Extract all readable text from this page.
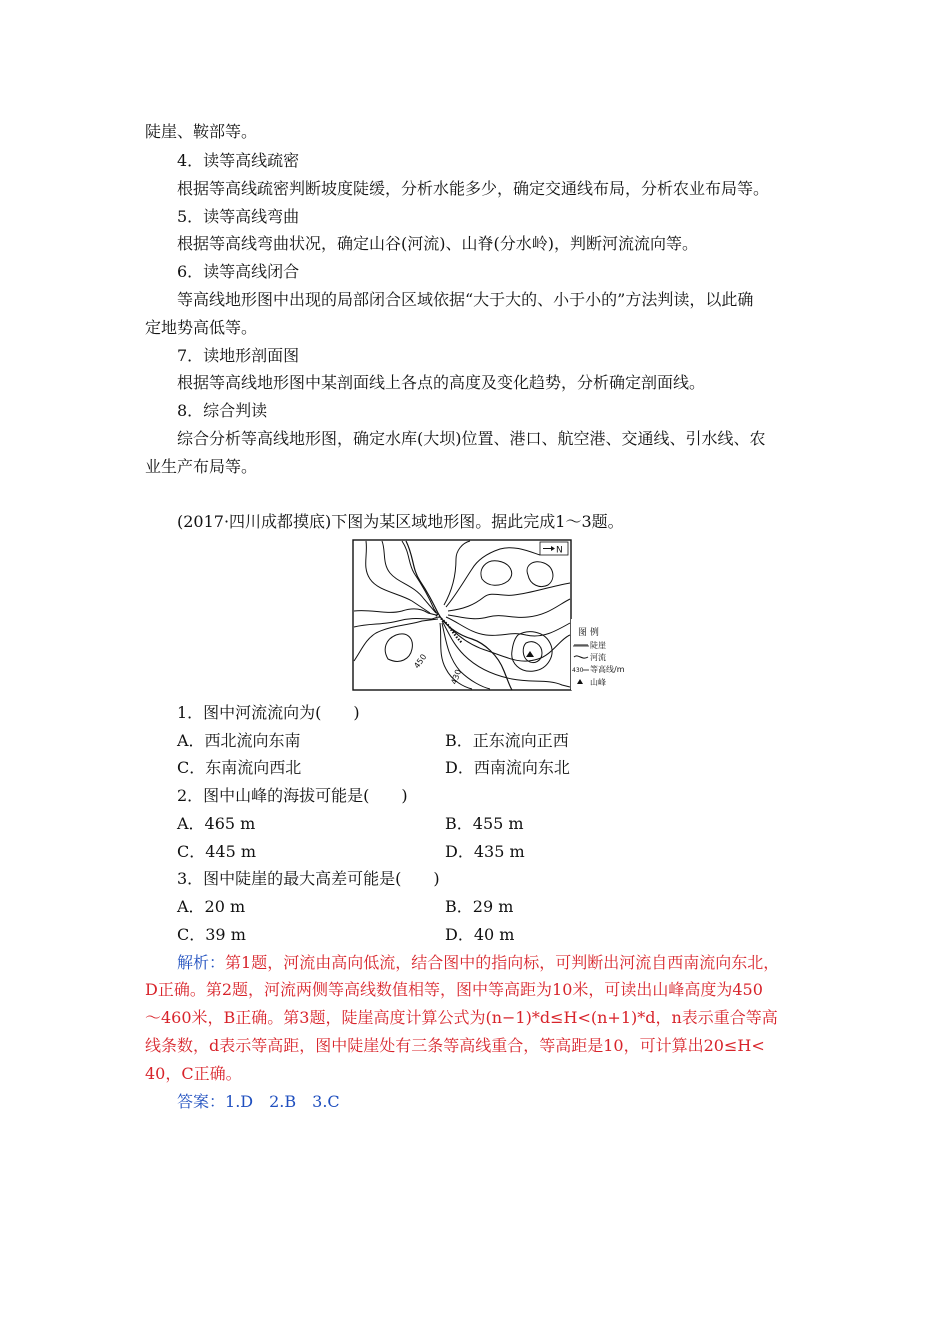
陡崖、鞍部等。
4．读等高线疏密
根据等高线疏密判断坡度陡缓，分析水能多少，确定交通线布局，分析农业布局等。
5．读等高线弯曲
根据等高线弯曲状况，确定山谷(河流)、山脊(分水岭)，判断河流流向等。
6．读等高线闭合
等高线地形图中出现的局部闭合区域依据“大于大的、小于小的”方法判读，以此确
定地势高低等。
7．读地形剖面图
根据等高线地形图中某剖面线上各点的高度及变化趋势，分析确定剖面线。
8．综合判读
综合分析等高线地形图，确定水库(大坝)位置、港口、航空港、交通线、引水线、农
业生产布局等。
(2017·四川成都摸底)下图为某区域地形图。据此完成1～3题。
N
450
430
图 例
陡崖
河流
430 等高线/m
山峰
1．图中河流流向为(　　)
A．西北流向东南	B．正东流向正西
C．东南流向西北	D．西南流向东北
2．图中山峰的海拔可能是(　　)
A．465 m	B．455 m
C．445 m	D．435 m
3．图中陡崖的最大高差可能是(　　)
A．20 m	B．29 m
C．39 m	D．40 m
解析：第1题，河流由高向低流，结合图中的指向标，可判断出河流自西南流向东北，
D正确。第2题，河流两侧等高线数值相等，图中等高距为10米，可读出山峰高度为450
～460米，B正确。第3题，陡崖高度计算公式为(n−1)*d≤H<(n+1)*d，n表示重合等高
线条数，d表示等高距，图中陡崖处有三条等高线重合，等高距是10，可计算出20≤H<
40，C正确。
答案：1.D　2.B　3.C
